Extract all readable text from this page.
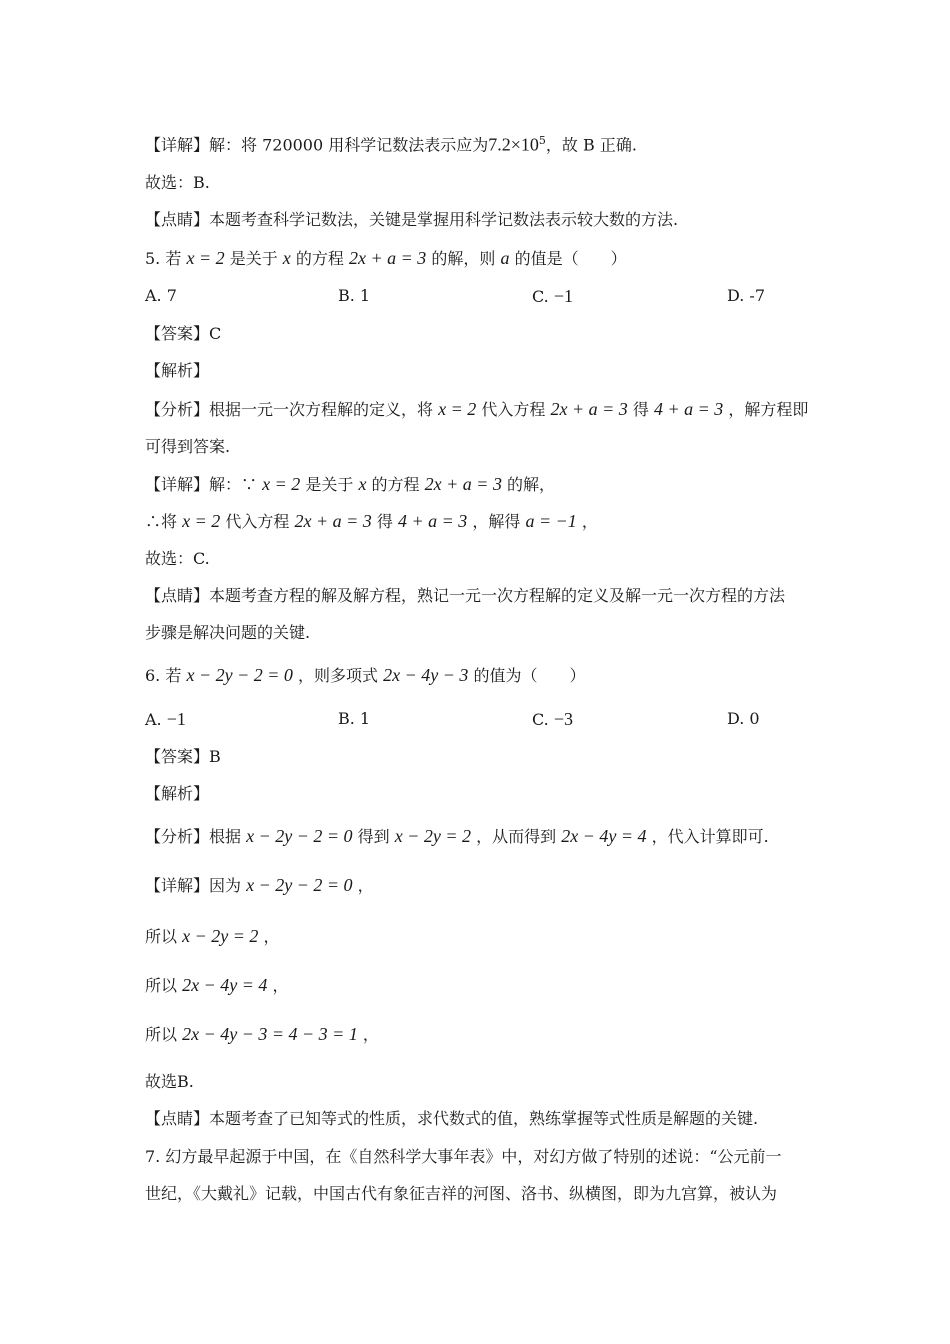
【详解】解：将 720000 用科学记数法表示应为$7.2\times 10^5$，故 B 正确.
故选：B.
【点睛】本题考查科学记数法，关键是掌握用科学记数法表示较大数的方法.
5. 若 x = 2 是关于 x 的方程 2x + a = 3 的解，则 a 的值是（　　）
A. 7	B. 1	C. −1	D. -7
【答案】C
【解析】
【分析】根据一元一次方程解的定义，将 x = 2 代入方程 2x + a = 3 得 4 + a = 3 ，解方程即
可得到答案.
【详解】解：∵ x = 2 是关于 x 的方程 2x + a = 3 的解，
∴将 x = 2 代入方程 2x + a = 3 得 4 + a = 3 ，解得 a = −1 ，
故选：C.
【点睛】本题考查方程的解及解方程，熟记一元一次方程解的定义及解一元一次方程的方法
步骤是解决问题的关键.
6. 若 x − 2y − 2 = 0 ，则多项式 2x − 4y − 3 的值为（　　）
A. −1	B. 1	C. −3	D. 0
【答案】B
【解析】
【分析】根据 x − 2y − 2 = 0 得到 x − 2y = 2 ，从而得到 2x − 4y = 4 ，代入计算即可.
【详解】因为 x − 2y − 2 = 0 ，
所以 x − 2y = 2 ，
所以 2x − 4y = 4 ，
所以 2x − 4y − 3 = 4 − 3 = 1 ，
故选B.
【点睛】本题考查了已知等式的性质，求代数式的值，熟练掌握等式性质是解题的关键.
7. 幻方最早起源于中国，在《自然科学大事年表》中，对幻方做了特别的述说：“公元前一
世纪，《大戴礼》记载，中国古代有象征吉祥的河图、洛书、纵横图，即为九宫算，被认为
